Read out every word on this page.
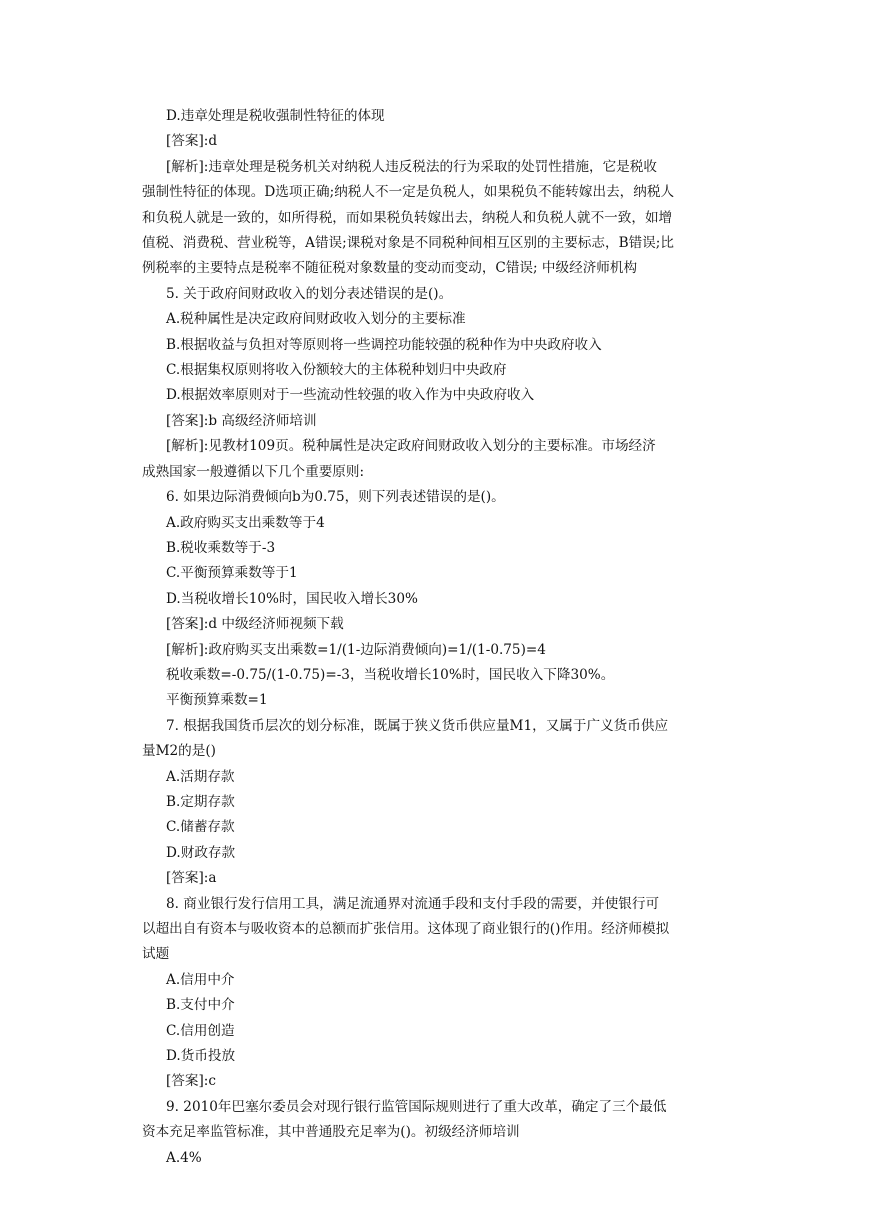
D.违章处理是税收强制性特征的体现
[答案]:d
[解析]:违章处理是税务机关对纳税人违反税法的行为采取的处罚性措施，它是税收
强制性特征的体现。D选项正确;纳税人不一定是负税人，如果税负不能转嫁出去，纳税人
和负税人就是一致的，如所得税，而如果税负转嫁出去，纳税人和负税人就不一致，如增
值税、消费税、营业税等，A错误;课税对象是不同税种间相互区别的主要标志，B错误;比
例税率的主要特点是税率不随征税对象数量的变动而变动，C错误; 中级经济师机构
5. 关于政府间财政收入的划分表述错误的是()。
A.税种属性是决定政府间财政收入划分的主要标准
B.根据收益与负担对等原则将一些调控功能较强的税种作为中央政府收入
C.根据集权原则将收入份额较大的主体税种划归中央政府
D.根据效率原则对于一些流动性较强的收入作为中央政府收入
[答案]:b 高级经济师培训
[解析]:见教材109页。税种属性是决定政府间财政收入划分的主要标准。市场经济
成熟国家一般遵循以下几个重要原则:
6. 如果边际消费倾向b为0.75，则下列表述错误的是()。
A.政府购买支出乘数等于4
B.税收乘数等于-3
C.平衡预算乘数等于1
D.当税收增长10%时，国民收入增长30%
[答案]:d 中级经济师视频下载
[解析]:政府购买支出乘数=1/(1-边际消费倾向)=1/(1-0.75)=4
税收乘数=-0.75/(1-0.75)=-3，当税收增长10%时，国民收入下降30%。
平衡预算乘数=1
7. 根据我国货币层次的划分标准，既属于狭义货币供应量M1，又属于广义货币供应
量M2的是()
A.活期存款
B.定期存款
C.储蓄存款
D.财政存款
[答案]:a
8. 商业银行发行信用工具，满足流通界对流通手段和支付手段的需要，并使银行可
以超出自有资本与吸收资本的总额而扩张信用。这体现了商业银行的()作用。经济师模拟
试题
A.信用中介
B.支付中介
C.信用创造
D.货币投放
[答案]:c
9. 2010年巴塞尔委员会对现行银行监管国际规则进行了重大改革，确定了三个最低
资本充足率监管标准，其中普通股充足率为()。初级经济师培训
A.4%
